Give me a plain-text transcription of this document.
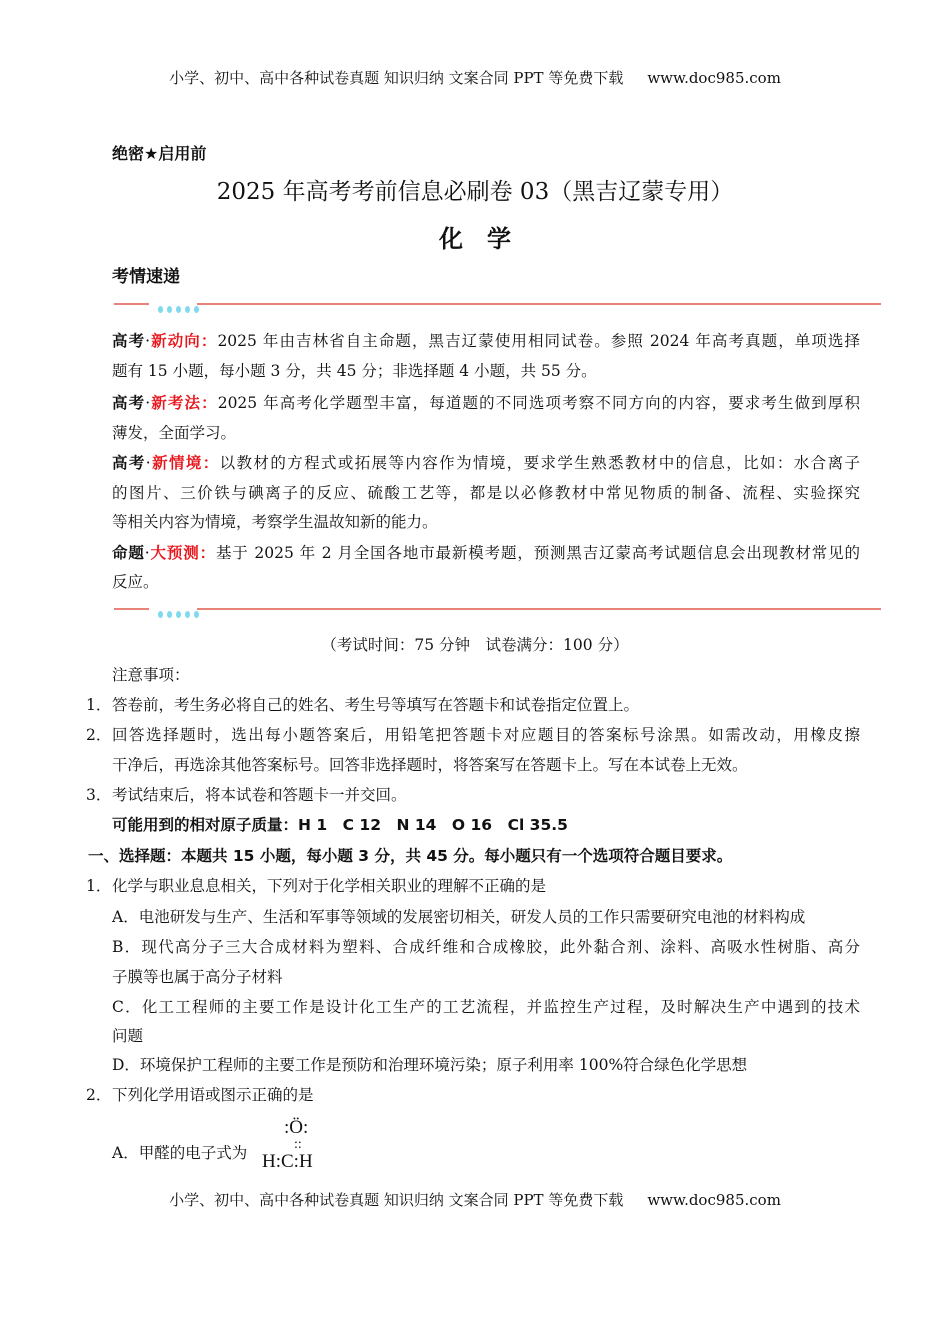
小学、初中、高中各种试卷真题 知识归纳 文案合同 PPT 等免费下载 www.doc985.com
绝密★启用前
2025 年高考考前信息必刷卷 03（黑吉辽蒙专用）
化　学
考情速递
高考·新动向：2025 年由吉林省自主命题，黑吉辽蒙使用相同试卷。参照 2024 年高考真题，单项选择
题有 15 小题，每小题 3 分，共 45 分；非选择题 4 小题，共 55 分。
高考·新考法：2025 年高考化学题型丰富，每道题的不同选项考察不同方向的内容，要求考生做到厚积
薄发，全面学习。
高考·新情境：以教材的方程式或拓展等内容作为情境，要求学生熟悉教材中的信息，比如：水合离子
的图片、三价铁与碘离子的反应、硫酸工艺等，都是以必修教材中常见物质的制备、流程、实验探究
等相关内容为情境，考察学生温故知新的能力。
命题·大预测：基于 2025 年 2 月全国各地市最新模考题，预测黑吉辽蒙高考试题信息会出现教材常见的
反应。
（考试时间：75 分钟　试卷满分：100 分）
注意事项：
1． 答卷前，考生务必将自己的姓名、考生号等填写在答题卡和试卷指定位置上。
2． 回答选择题时，选出每小题答案后，用铅笔把答题卡对应题目的答案标号涂黑。如需改动，用橡皮擦
干净后，再选涂其他答案标号。回答非选择题时，将答案写在答题卡上。写在本试卷上无效。
3． 考试结束后，将本试卷和答题卡一并交回。
可能用到的相对原子质量：H 1　C 12　N 14　O 16　Cl 35.5
一、选择题：本题共 15 小题，每小题 3 分，共 45 分。每小题只有一个选项符合题目要求。
1． 化学与职业息息相关，下列对于化学相关职业的理解不正确的是
A．电池研发与生产、生活和军事等领域的发展密切相关，研发人员的工作只需要研究电池的材料构成
B．现代高分子三大合成材料为塑料、合成纤维和合成橡胶，此外黏合剂、涂料、高吸水性树脂、高分
子膜等也属于高分子材料
C．化工工程师的主要工作是设计化工生产的工艺流程，并监控生产过程，及时解决生产中遇到的技术
问题
D．环境保护工程师的主要工作是预防和治理环境污染；原子利用率 100%符合绿色化学思想
2． 下列化学用语或图示正确的是
A．甲醛的电子式为
:Ö:
::
H:C:H
小学、初中、高中各种试卷真题 知识归纳 文案合同 PPT 等免费下载 www.doc985.com
